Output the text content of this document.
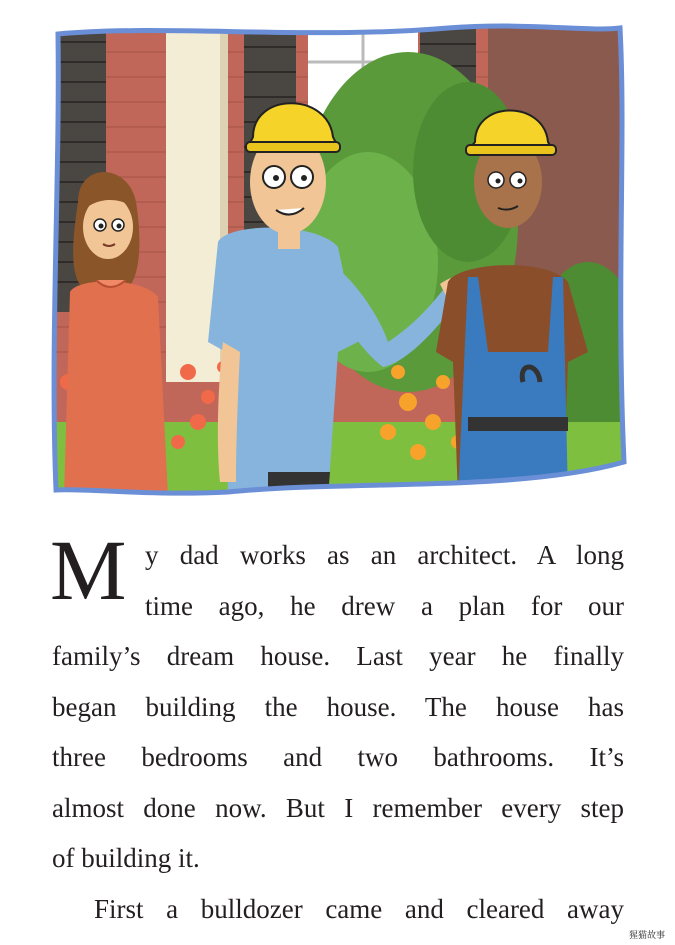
M y dad works as an architect. A long
time ago, he drew a plan for our
family’s dream house. Last year he finally
began building the house. The house has
three bedrooms and two bathrooms. It’s
almost done now. But I remember every step
of building it.
First a bulldozer came and cleared away
猩猫故事
